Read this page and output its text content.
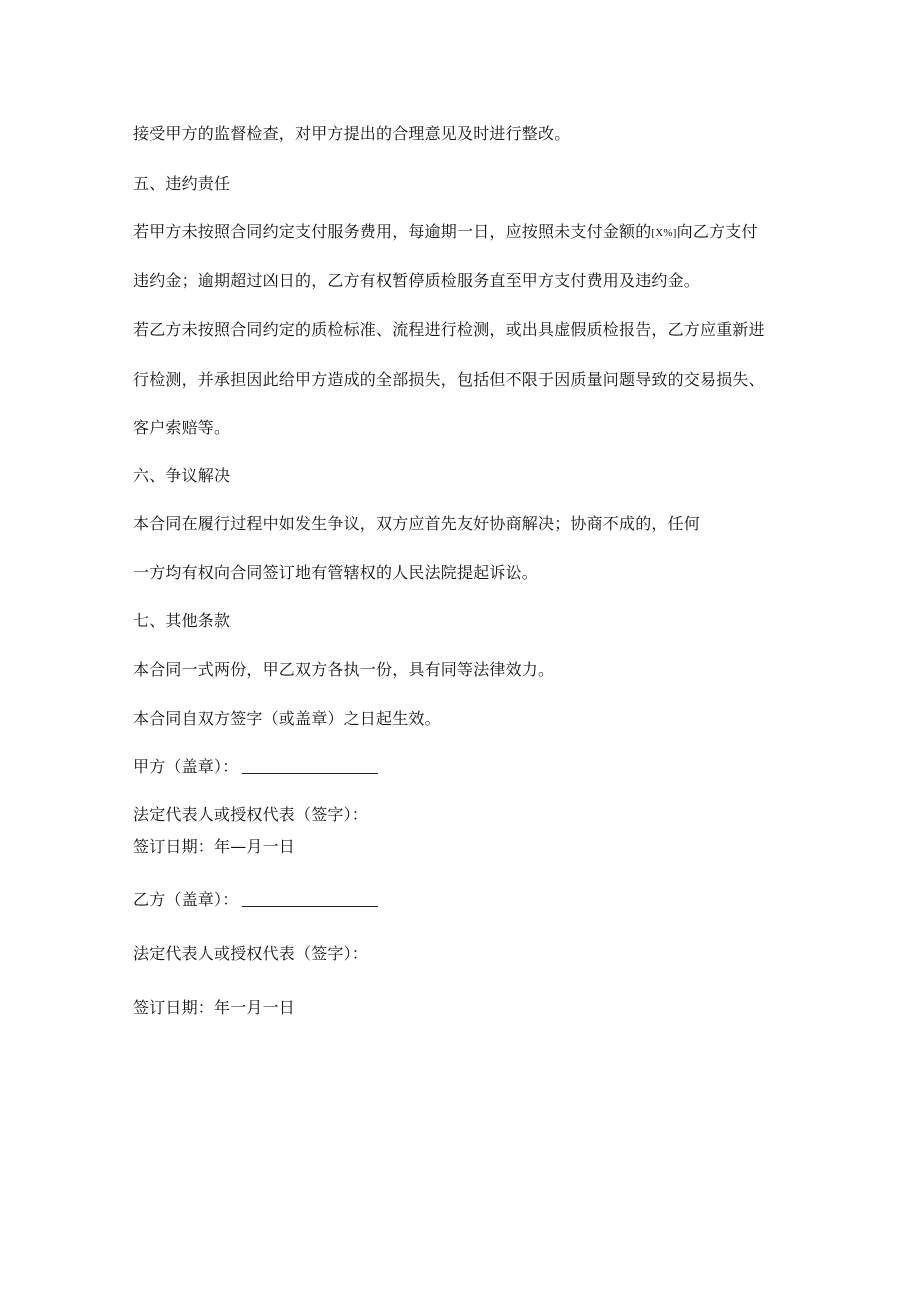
接受甲方的监督检查，对甲方提出的合理意见及时进行整改。
五、违约责任
若甲方未按照合同约定支付服务费用，每逾期一日，应按照未支付金额的[X%]向乙方支付
违约金；逾期超过凶日的，乙方有权暂停质检服务直至甲方支付费用及违约金。
若乙方未按照合同约定的质检标准、流程进行检测，或出具虚假质检报告，乙方应重新进
行检测，并承担因此给甲方造成的全部损失，包括但不限于因质量问题导致的交易损失、
客户索赔等。
六、争议解决
本合同在履行过程中如发生争议，双方应首先友好协商解决；协商不成的，任何
一方均有权向合同签订地有管辖权的人民法院提起诉讼。
七、其他条款
本合同一式两份，甲乙双方各执一份，具有同等法律效力。
本合同自双方签字（或盖章）之日起生效。
甲方（盖章）：
法定代表人或授权代表（签字）：
签订日期：年—月一日
乙方（盖章）：
法定代表人或授权代表（签字）：
签订日期：年一月一日
